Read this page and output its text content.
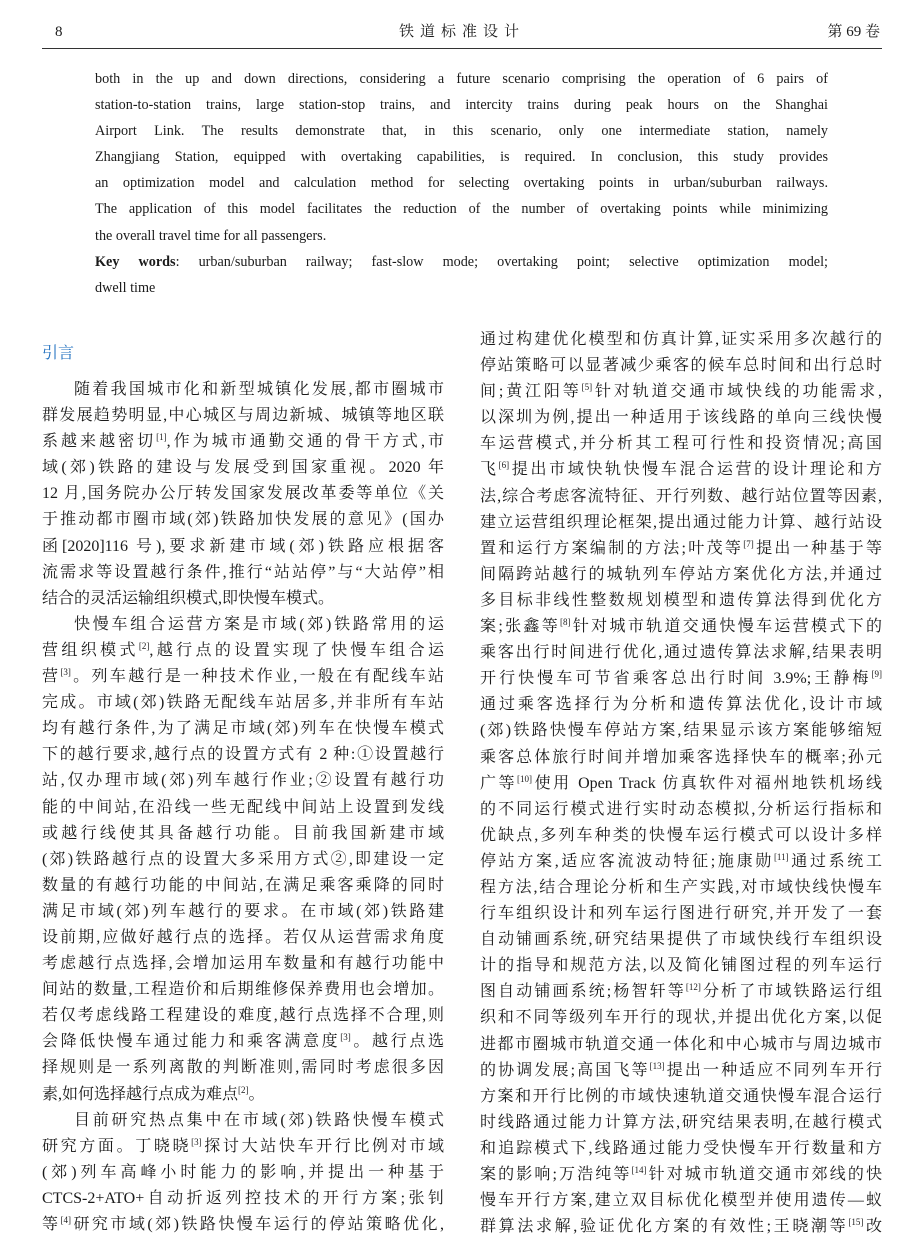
8	铁道标准设计	第 69 卷
both in the up and down directions, considering a future scenario comprising the operation of 6 pairs of
station-to-station trains, large station-stop trains, and intercity trains during peak hours on the Shanghai
Airport Link. The results demonstrate that, in this scenario, only one intermediate station, namely
Zhangjiang Station, equipped with overtaking capabilities, is required. In conclusion, this study provides
an optimization model and calculation method for selecting overtaking points in urban/suburban railways.
The application of this model facilitates the reduction of the number of overtaking points while minimizing
the overall travel time for all passengers.
Key words: urban/suburban railway; fast-slow mode; overtaking point; selective optimization model;
dwell time
引言
随着我国城市化和新型城镇化发展,都市圈城市
群发展趋势明显,中心城区与周边新城、城镇等地区联
系越来越密切[1],作为城市通勤交通的骨干方式,市
域(郊)铁路的建设与发展受到国家重视。2020 年
12 月,国务院办公厅转发国家发展改革委等单位《关
于推动都市圈市域(郊)铁路加快发展的意见》(国办
函[2020]116 号),要求新建市域(郊)铁路应根据客
流需求等设置越行条件,推行“站站停”与“大站停”相
结合的灵活运输组织模式,即快慢车模式。
快慢车组合运营方案是市域(郊)铁路常用的运
营组织模式[2],越行点的设置实现了快慢车组合运
营[3]。列车越行是一种技术作业,一般在有配线车站
完成。市域(郊)铁路无配线车站居多,并非所有车站
均有越行条件,为了满足市域(郊)列车在快慢车模式
下的越行要求,越行点的设置方式有 2 种:①设置越行
站,仅办理市域(郊)列车越行作业;②设置有越行功
能的中间站,在沿线一些无配线中间站上设置到发线
或越行线使其具备越行功能。目前我国新建市域
(郊)铁路越行点的设置大多采用方式②,即建设一定
数量的有越行功能的中间站,在满足乘客乘降的同时
满足市域(郊)列车越行的要求。在市域(郊)铁路建
设前期,应做好越行点的选择。若仅从运营需求角度
考虑越行点选择,会增加运用车数量和有越行功能中
间站的数量,工程造价和后期维修保养费用也会增加。
若仅考虑线路工程建设的难度,越行点选择不合理,则
会降低快慢车通过能力和乘客满意度[3]。越行点选
择规则是一系列离散的判断准则,需同时考虑很多因
素,如何选择越行点成为难点[2]。
目前研究热点集中在市域(郊)铁路快慢车模式
研究方面。丁晓晓[3]探讨大站快车开行比例对市域
(郊)列车高峰小时能力的影响,并提出一种基于
CTCS-2+ATO+自动折返列控技术的开行方案;张钊
等[4]研究市域(郊)铁路快慢车运行的停站策略优化,
通过构建优化模型和仿真计算,证实采用多次越行的
停站策略可以显著减少乘客的候车总时间和出行总时
间;黄江阳等[5]针对轨道交通市域快线的功能需求,
以深圳为例,提出一种适用于该线路的单向三线快慢
车运营模式,并分析其工程可行性和投资情况;高国
飞[6]提出市域快轨快慢车混合运营的设计理论和方
法,综合考虑客流特征、开行列数、越行站位置等因素,
建立运营组织理论框架,提出通过能力计算、越行站设
置和运行方案编制的方法;叶茂等[7]提出一种基于等
间隔跨站越行的城轨列车停站方案优化方法,并通过
多目标非线性整数规划模型和遗传算法得到优化方
案;张鑫等[8]针对城市轨道交通快慢车运营模式下的
乘客出行时间进行优化,通过遗传算法求解,结果表明
开行快慢车可节省乘客总出行时间 3.9%;王静梅[9]
通过乘客选择行为分析和遗传算法优化,设计市域
(郊)铁路快慢车停站方案,结果显示该方案能够缩短
乘客总体旅行时间并增加乘客选择快车的概率;孙元
广等[10]使用 Open Track 仿真软件对福州地铁机场线
的不同运行模式进行实时动态模拟,分析运行指标和
优缺点,多列车种类的快慢车运行模式可以设计多样
停站方案,适应客流波动特征;施康勋[11]通过系统工
程方法,结合理论分析和生产实践,对市域快线快慢车
行车组织设计和列车运行图进行研究,并开发了一套
自动铺画系统,研究结果提供了市域快线行车组织设
计的指导和规范方法,以及简化铺图过程的列车运行
图自动铺画系统;杨智轩等[12]分析了市域铁路运行组
织和不同等级列车开行的现状,并提出优化方案,以促
进都市圈城市轨道交通一体化和中心城市与周边城市
的协调发展;高国飞等[13]提出一种适应不同列车开行
方案和开行比例的市域快速轨道交通快慢车混合运行
时线路通过能力计算方法,研究结果表明,在越行模式
和追踪模式下,线路通过能力受快慢车开行数量和方
案的影响;万浩纯等[14]针对城市轨道交通市郊线的快
慢车开行方案,建立双目标优化模型并使用遗传—蚁
群算法求解,验证优化方案的有效性;王晓潮等[15]改
